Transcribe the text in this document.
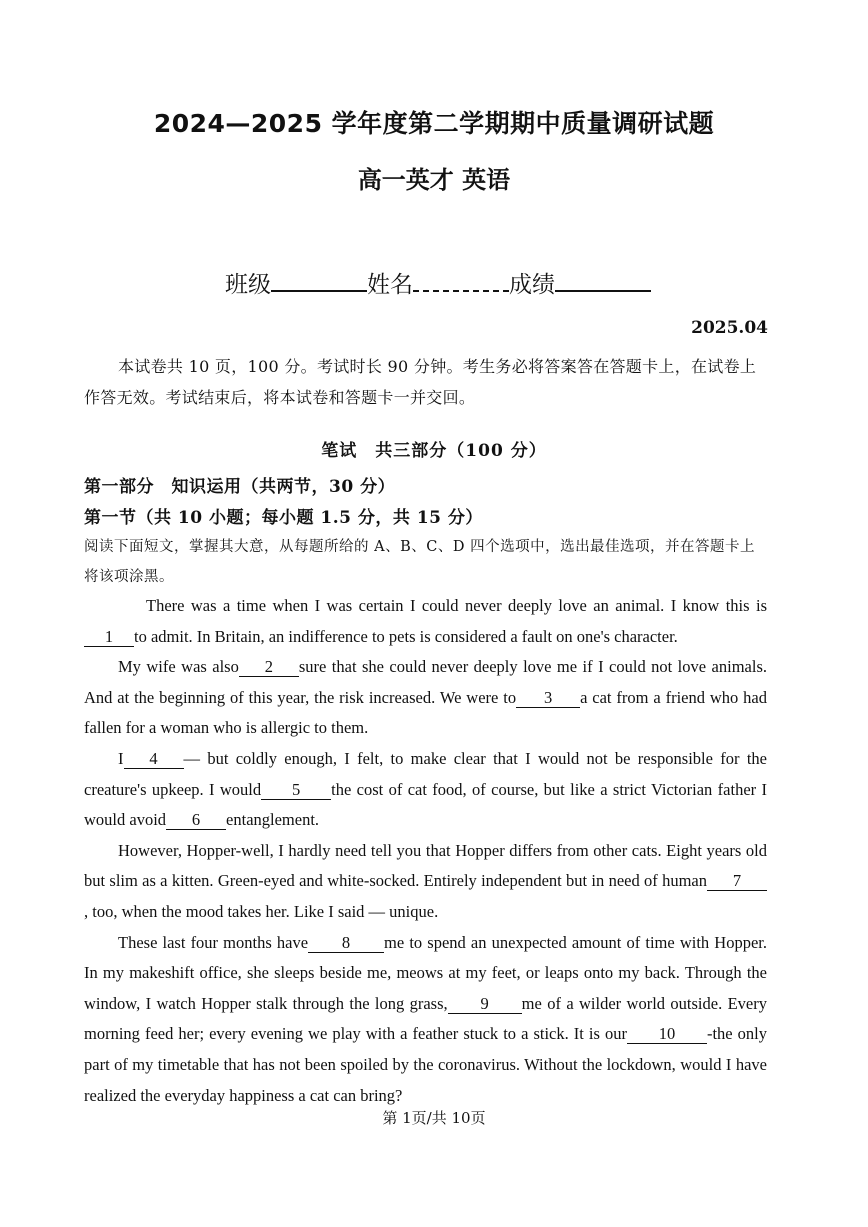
2024—2025 学年度第二学期期中质量调研试题
高一英才 英语
班级	姓名	成绩
2025.04
本试卷共 10 页，100 分。考试时长 90 分钟。考生务必将答案答在答题卡上，在试卷上作答无效。考试结束后，将本试卷和答题卡一并交回。
笔试　共三部分（100 分）
第一部分　知识运用（共两节，30 分）
第一节（共 10 小题；每小题 1.5 分，共 15 分）
阅读下面短文，掌握其大意，从每题所给的 A、B、C、D 四个选项中，选出最佳选项，并在答题卡上将该项涂黑。

There was a time when I was certain I could never deeply love an animal. I know this is1 to admit. In Britain, an indifference to pets is considered a fault on one's character.

My wife was also 2 sure that she could never deeply love me if I could not love animals. And at the beginning of this year, the risk increased. We were to 3 a cat from a friend who had fallen for a woman who is allergic to them.

I 4 — but coldly enough, I felt, to make clear that I would not be responsible for the creature's upkeep. I would 5 the cost of cat food, of course, but like a strict Victorian father I would avoid 6 entanglement.

However, Hopper-well, I hardly need tell you that Hopper differs from other cats. Eight years old but slim as a kitten. Green-eyed and white-socked. Entirely independent but in need of human 7, too, when the mood takes her. Like I said — unique.

These last four months have 8 me to spend an unexpected amount of time with Hopper. In my makeshift office, she sleeps beside me, meows at my feet, or leaps onto my back. Through the window, I watch Hopper stalk through the long grass, 9 me of a wilder world outside. Every morning feed her; every evening we play with a feather stuck to a stick. It is our 10 -the only part of my timetable that has not been spoiled by the coronavirus. Without the lockdown, would I have realized the everyday happiness a cat can bring?

第 1页/共 10页
